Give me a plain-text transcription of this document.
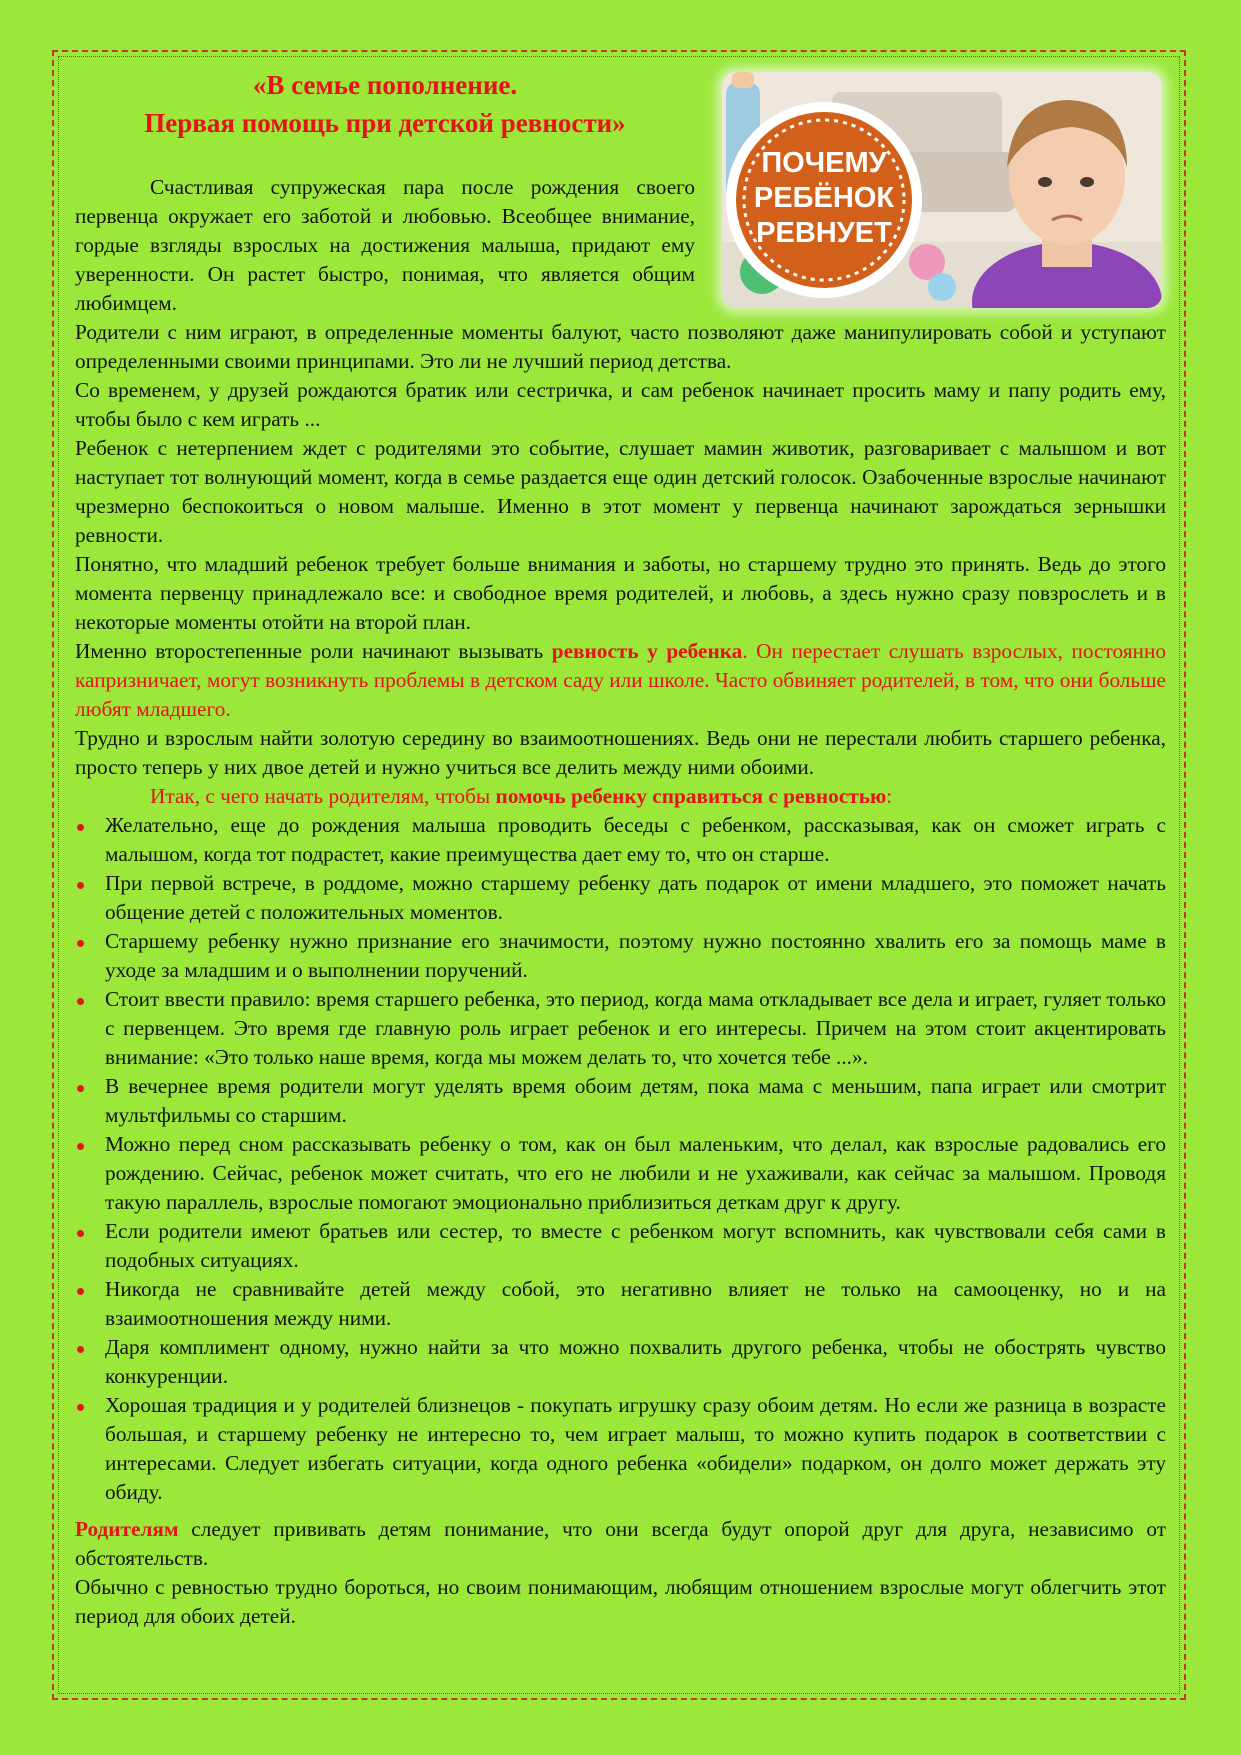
«В семье пополнение.
Первая помощь при детской ревности»
ПОЧЕМУ
РЕБЁНОК
РЕВНУЕТ

Счастливая супружеская пара после рождения своего первенца окружает его заботой и любовью. Всеобщее внимание, гордые взгляды взрослых на достижения малыша, придают ему уверенности. Он растет быстро, понимая, что является общим любимцем.

Родители с ним играют, в определенные моменты балуют, часто позволяют даже манипулировать собой и уступают определенными своими принципами. Это ли не лучший период детства.

Со временем, у друзей рождаются братик или сестричка, и сам ребенок начинает просить маму и папу родить ему, чтобы было с кем играть ...

Ребенок с нетерпением ждет с родителями это событие, слушает мамин животик, разговаривает с малышом и вот наступает тот волнующий момент, когда в семье раздается еще один детский голосок. Озабоченные взрослые начинают чрезмерно беспокоиться о новом малыше. Именно в этот момент у первенца начинают зарождаться зернышки ревности.

Понятно, что младший ребенок требует больше внимания и заботы, но старшему трудно это принять. Ведь до этого момента первенцу принадлежало все: и свободное время родителей, и любовь, а здесь нужно сразу повзрослеть и в некоторые моменты отойти на второй план.

Именно второстепенные роли начинают вызывать ревность у ребенка. Он перестает слушать взрослых, постоянно капризничает, могут возникнуть проблемы в детском саду или школе. Часто обвиняет родителей, в том, что они больше любят младшего.

Трудно и взрослым найти золотую середину во взаимоотношениях. Ведь они не перестали любить старшего ребенка, просто теперь у них двое детей и нужно учиться все делить между ними обоими.

Итак, с чего начать родителям, чтобы помочь ребенку справиться с ревностью:

Желательно, еще до рождения малыша проводить беседы с ребенком, рассказывая, как он сможет играть с малышом, когда тот подрастет, какие преимущества дает ему то, что он старше.
При первой встрече, в роддоме, можно старшему ребенку дать подарок от имени младшего, это поможет начать общение детей с положительных моментов.
Старшему ребенку нужно признание его значимости, поэтому нужно постоянно хвалить его за помощь маме в уходе за младшим и о выполнении поручений.
Стоит ввести правило: время старшего ребенка, это период, когда мама откладывает все дела и играет, гуляет только с первенцем. Это время где главную роль играет ребенок и его интересы. Причем на этом стоит акцентировать внимание: «Это только наше время, когда мы можем делать то, что хочется тебе ...».
В вечернее время родители могут уделять время обоим детям, пока мама с меньшим, папа играет или смотрит мультфильмы со старшим.
Можно перед сном рассказывать ребенку о том, как он был маленьким, что делал, как взрослые радовались его рождению. Сейчас, ребенок может считать, что его не любили и не ухаживали, как сейчас за малышом. Проводя такую параллель, взрослые помогают эмоционально приблизиться деткам друг к другу.
Если родители имеют братьев или сестер, то вместе с ребенком могут вспомнить, как чувствовали себя сами в подобных ситуациях.
Никогда не сравнивайте детей между собой, это негативно влияет не только на самооценку, но и на взаимоотношения между ними.
Даря комплимент одному, нужно найти за что можно похвалить другого ребенка, чтобы не обострять чувство конкуренции.
Хорошая традиция и у родителей близнецов - покупать игрушку сразу обоим детям. Но если же разница в возрасте большая, и старшему ребенку не интересно то, чем играет малыш, то можно купить подарок в соответствии с интересами. Следует избегать ситуации, когда одного ребенка «обидели» подарком, он долго может держать эту обиду.

Родителям следует прививать детям понимание, что они всегда будут опорой друг для друга, независимо от обстоятельств.

Обычно с ревностью трудно бороться, но своим понимающим, любящим отношением взрослые могут облегчить этот период для обоих детей.
